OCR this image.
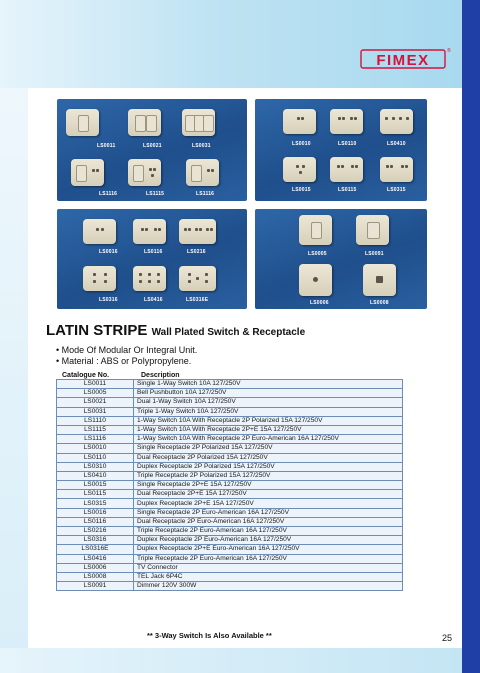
FIMEX
®
LS0011	LS0021	LS0031
LS1116	LS1115	LS1116
LS0010	LS0110	LS0410
LS0015	LS0115	LS0315
LS0016	LS0116	LS0216
LS0316	LS0416	LS0316E
LS0005	LS0091
LS0006	LS0008
LATIN STRIPE Wall Plated Switch & Receptacle
• Mode Of Modular Or Integral Unit.
• Material : ABS or Polypropylene.
Catalogue No.	Description
LS0011	Single 1-Way Switch 10A 127/250V
LS0005	Bell Pushbutton 10A 127/250V
LS0021	Dual 1-Way Switch 10A 127/250V
LS0031	Triple 1-Way Switch 10A 127/250V
LS1110	1-Way Switch 10A With Receptacle 2P Polarized 15A 127/250V
LS1115	1-Way Switch 10A With Receptacle 2P+E 15A 127/250V
LS1116	1-Way Switch 10A With Receptacle 2P Euro-American 16A 127/250V
LS0010	Single Receptacle 2P Polarized 15A 127/250V
LS0110	Dual Receptacle 2P Polarized 15A 127/250V
LS0310	Duplex Receptacle 2P Polarized 15A 127/250V
LS0410	Triple Receptacle 2P Polarized 15A 127/250V
LS0015	Single Receptacle 2P+E 15A 127/250V
LS0115	Dual Receptacle 2P+E 15A 127/250V
LS0315	Duplex Receptacle 2P+E 15A 127/250V
LS0016	Single Receptacle 2P Euro-American 16A 127/250V
LS0116	Dual Receptacle 2P Euro-American 16A 127/250V
LS0216	Triple Receptacle 2P Euro-American 16A 127/250V
LS0316	Duplex Receptacle 2P Euro-American 16A 127/250V
LS0316E	Duplex Receptacle 2P+E Euro-American 16A 127/250V
LS0416	Triple Receptacle 2P Euro-American 16A 127/250V
LS0006	TV Connector
LS0008	TEL Jack 6P4C
LS0091	Dimmer 120V 300W
** 3-Way Switch Is Also Available **	25
